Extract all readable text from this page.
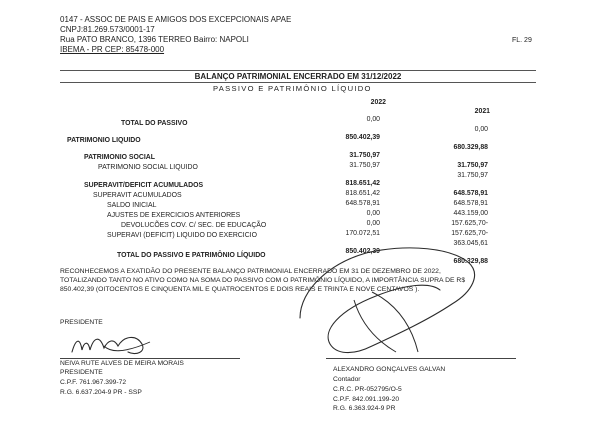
0147 - ASSOC DE PAIS E AMIGOS DOS EXCEPCIONAIS APAE
CNPJ:81.269.573/0001-17
Rua PATO BRANCO, 1396 TERREO Bairro: NAPOLI
IBEMA - PR CEP: 85478-000
FL. 29
BALANÇO PATRIMONIAL ENCERRADO EM 31/12/2022
PASSIVO E PATRIMÔNIO LÍQUIDO
2022
2021
TOTAL DO PASSIVO
PATRIMONIO LIQUIDO
PATRIMONIO SOCIAL
PATRIMONIO SOCIAL LIQUIDO
SUPERAVIT/DEFICIT ACUMULADOS
SUPERAVIT ACUMULADOS
SALDO INICIAL
AJUSTES DE EXERCICIOS ANTERIORES
DEVOLUCÕES COV. C/ SEC. DE EDUCAÇÃO
SUPERAVI (DEFICIT) LIQUIDO DO EXERCICIO
TOTAL DO PASSIVO E PATRIMÔNIO LÍQUIDO
0,00
850.402,39
31.750,97
31.750,97
818.651,42
818.651,42
648.578,91
0,00
0,00
170.072,51
850.402,39
0,00
680.329,88
31.750,97
31.750,97
648.578,91
648.578,91
443.159,00
157.625,70-
157.625,70-
363.045,61
680.329,88
RECONHECEMOS A EXATIDÃO DO PRESENTE BALANÇO PATRIMONIAL ENCERRADO EM 31 DE DEZEMBRO DE 2022,
TOTALIZANDO TANTO NO ATIVO COMO NA SOMA DO PASSIVO COM O PATRIMÔNIO LÍQUIDO, A IMPORTÂNCIA SUPRA DE R$
850.402,39 (OITOCENTOS E CINQUENTA MIL E QUATROCENTOS E DOIS REAIS E TRINTA E NOVE CENTAVOS ).
PRESIDENTE
NEIVA RUTE ALVES DE MEIRA MORAIS
PRESIDENTE
C.P.F. 761.967.399-72
R.G. 6.637.204-9 PR - SSP
ALEXANDRO GONÇALVES GALVAN
Contador
C.R.C. PR-052795/O-5
C.P.F. 842.091.199-20
R.G. 6.363.924-9 PR
